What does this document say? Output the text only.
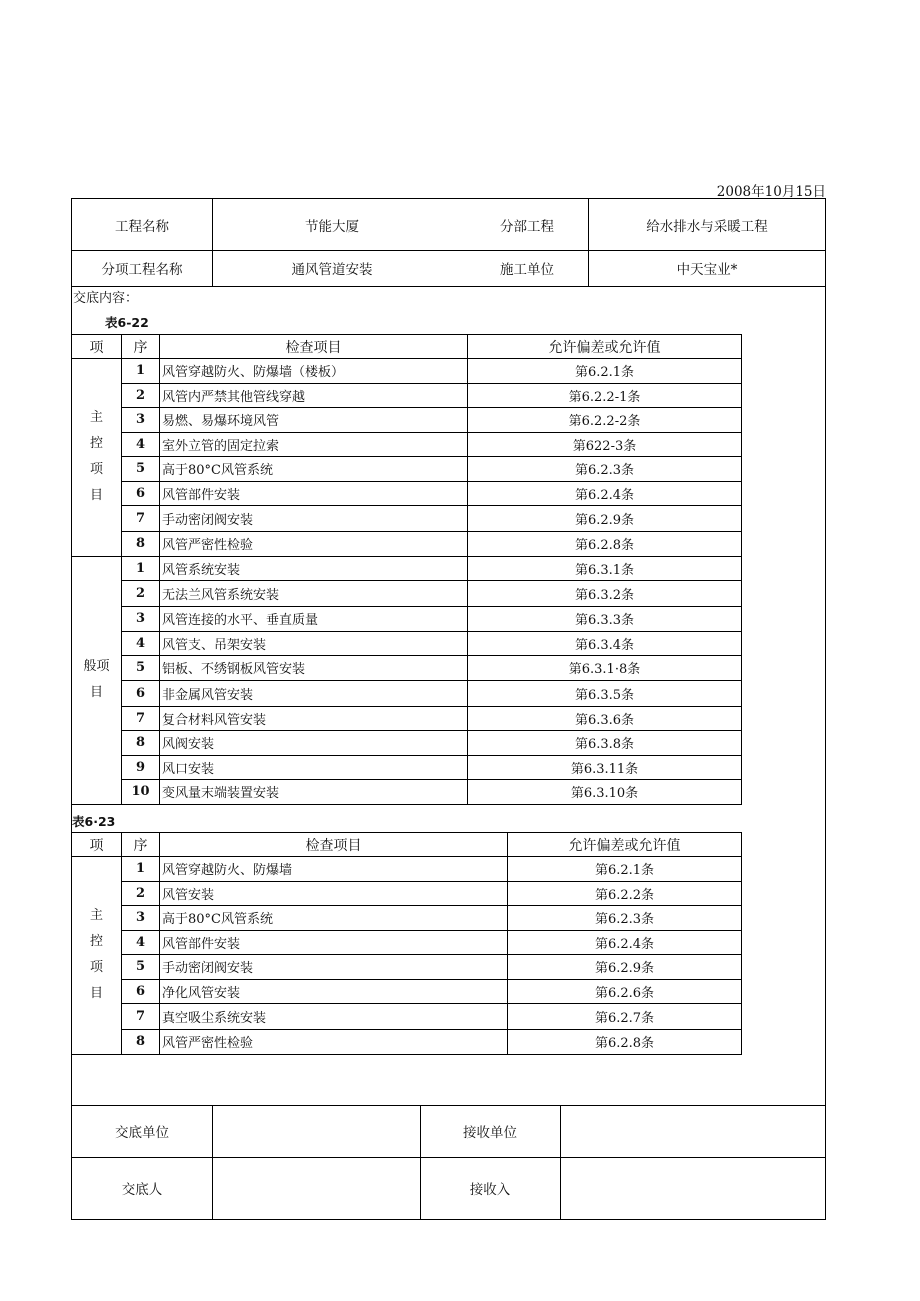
2008年10月15日
工程名称	节能大厦	分部工程	给水排水与采暖工程
分项工程名称	通风管道安装	施工单位	中天宝业*
交底单位	接收单位
交底人	接收入
交底内容：
表6-22
项	序	检查项目	允许偏差或允许值

主
控
项
目	1	风管穿越防火、防爆墙（楼板）	第6.2.1条
	2	风管内严禁其他管线穿越	第6.2.2-1条
	3	易燃、易爆环境风管	第6.2.2-2条
	4	室外立管的固定拉索	第622-3条
	5	高于80°C风管系统	第6.2.3条
	6	风管部件安装	第6.2.4条
	7	手动密闭阀安装	第6.2.9条
	8	风管严密性检验	第6.2.8条

般项
目	1	风管系统安装	第6.3.1条
	2	无法兰风管系统安装	第6.3.2条
	3	风管连接的水平、垂直质量	第6.3.3条
	4	风管支、吊架安装	第6.3.4条
	5	铝板、不绣钢板风管安装	第6.3.1·8条
	6	非金属风管安装	第6.3.5条
	7	复合材料风管安装	第6.3.6条
	8	风阀安装	第6.3.8条
	9	风口安装	第6.3.11条
	10	变风量末端装置安装	第6.3.10条
表6·23
项	序	检查项目	允许偏差或允许值

主
控
项
目	1	风管穿越防火、防爆墙	第6.2.1条
	2	风管安装	第6.2.2条
	3	高于80°C风管系统	第6.2.3条
	4	风管部件安装	第6.2.4条
	5	手动密闭阀安装	第6.2.9条
	6	净化风管安装	第6.2.6条
	7	真空吸尘系统安装	第6.2.7条
	8	风管严密性检验	第6.2.8条
